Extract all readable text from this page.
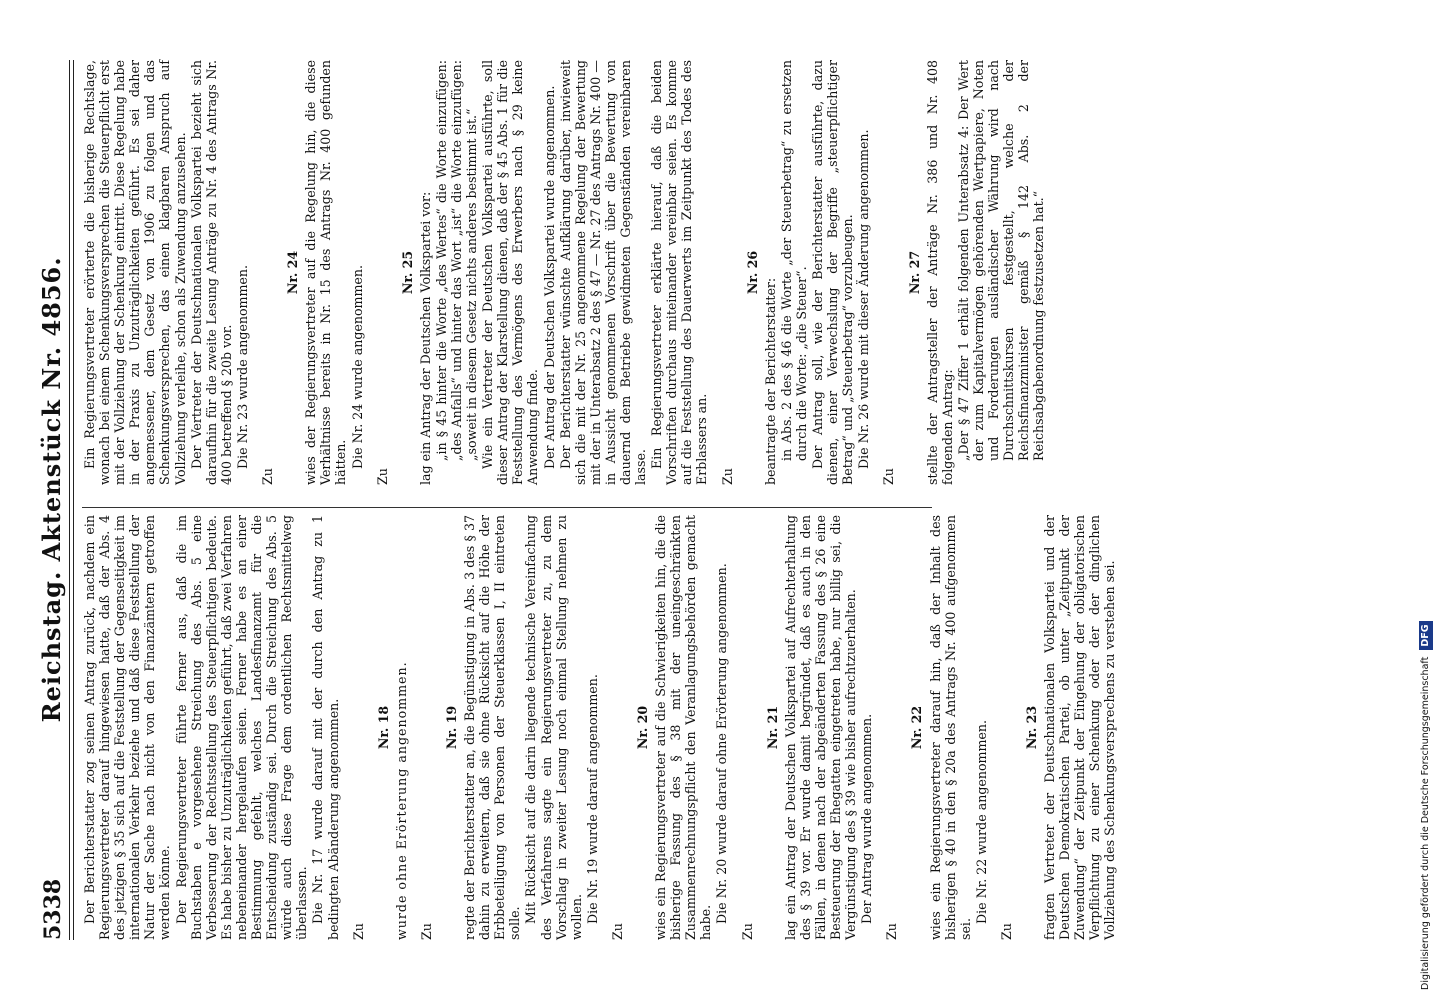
5338
Reichstag. Aktenstück Nr. 4856. Der Berichterstatter zog seinen Antrag zurück, nachdem ein Regierungsvertreter darauf hingewiesen hatte, daß der Abs. 4 des jetzigen § 35 sich auf die Feststellung der Gegenseitigkeit im internationalen Verkehr beziehe und daß diese Feststellung der Natur der Sache nach nicht von den Finanzämtern getroffen werden könne. Der Regierungsvertreter führte ferner aus, daß die im Buchstaben e vorgesehene Streichung des Abs. 5 eine Verbesserung der Rechtsstellung des Steuerpflichtigen bedeute. Es habe bisher zu Unzuträglichkeiten geführt, daß zwei Verfahren nebeneinander hergelaufen seien. Ferner habe es an einer Bestimmung gefehlt, welches Landesfinanzamt für die Entscheidung zuständig sei. Durch die Streichung des Abs. 5 würde auch diese Frage dem ordentlichen Rechtsmittelweg überlassen. Die Nr. 17 wurde darauf mit der durch den Antrag zu 1 bedingten Abänderung angenommen. Zu

Nr. 18 wurde ohne Erörterung angenommen. Zu

Nr. 19 regte der Berichterstatter an, die Begünstigung in Abs. 3 des § 37 dahin zu erweitern, daß sie ohne Rücksicht auf die Höhe der Erbbeteiligung von Personen der Steuerklassen I, II eintreten solle. Mit Rücksicht auf die darin liegende technische Vereinfachung des Verfahrens sagte ein Regierungsvertreter zu, zu dem Vorschlag in zweiter Lesung noch einmal Stellung nehmen zu wollen. Die Nr. 19 wurde darauf angenommen.

Zu

Nr. 20 wies ein Regierungsvertreter auf die Schwierigkeiten hin, die die bisherige Fassung des § 38 mit der uneingeschränkten Zusammenrechnungspflicht den Veranlagungsbehörden gemacht habe. Die Nr. 20 wurde darauf ohne Erörterung angenommen.

Zu

Nr. 21 lag ein Antrag der Deutschen Volkspartei auf Aufrechterhaltung des § 39 vor. Er wurde damit begründet, daß es auch in den Fällen, in denen nach der abgeänderten Fassung des § 26 eine Besteuerung der Ehegatten eingetreten habe, nur billig sei, die Vergünstigung des § 39 wie bisher aufrechtzuerhalten. Der Antrag wurde angenommen.

Zu

Nr. 22 wies ein Regierungsvertreter darauf hin, daß der Inhalt des bisherigen § 40 in den § 20a des Antrags Nr. 400 aufgenommen sei.

Die Nr. 22 wurde angenommen.

Zu

Nr. 23 fragten Vertreter der Deutschnationalen Volkspartei und der Deutschen Demokratischen Partei, ob unter „Zeitpunkt der Zuwendung“ der Zeitpunkt der Eingehung der obligatorischen Verpflichtung zu einer Schenkung oder der der dinglichen Vollziehung des Schenkungsversprechens zu verstehen sei.

Ein Regierungsvertreter erörterte die bisherige Rechtslage, wonach bei einem Schenkungsversprechen die Steuerpflicht erst mit der Vollziehung der Schenkung eintritt. Diese Regelung habe in der Praxis zu Unzuträglichkeiten geführt. Es sei daher angemessener, dem Gesetz von 1906 zu folgen und das Schenkungsversprechen, das einen klagbaren Anspruch auf Vollziehung verleihe, schon als Zuwendung anzusehen. Der Vertreter der Deutschnationalen Volkspartei bezieht sich daraufhin für die zweite Lesung Anträge zu Nr. 4 des Antrags Nr. 400 betreffend § 20b vor. Die Nr. 23 wurde angenommen.

Zu

Nr. 24 wies der Regierungsvertreter auf die Regelung hin, die diese Verhältnisse bereits in Nr. 15 des Antrags Nr. 400 gefunden hätten. Die Nr. 24 wurde angenommen.

Zu

Nr. 25 lag ein Antrag der Deutschen Volkspartei vor: „in § 45 hinter die Worte „des Wertes“ die Worte einzufügen: „des Anfalls“ und hinter das Wort „ist“ die Worte einzufügen: „soweit in diesem Gesetz nichts anderes bestimmt ist.“ Wie ein Vertreter der Deutschen Volkspartei ausführte, soll dieser Antrag der Klarstellung dienen, daß der § 45 Abs. 1 für die Feststellung des Vermögens des Erwerbers nach § 29 keine Anwendung finde. Der Antrag der Deutschen Volkspartei wurde angenommen. Der Berichterstatter wünschte Aufklärung darüber, inwieweit sich die mit der Nr. 25 angenommene Regelung der Bewertung mit der in Unterabsatz 2 des § 47 — Nr. 27 des Antrags Nr. 400 — in Aussicht genommenen Vorschrift über die Bewertung von dauernd dem Betriebe gewidmeten Gegenständen vereinbaren lasse. Ein Regierungsvertreter erklärte hierauf, daß die beiden Vorschriften durchaus miteinander vereinbar seien. Es komme auf die Feststellung des Dauerwerts im Zeitpunkt des Todes des Erblassers an. Zu

Nr. 26

beantragte der Berichterstatter: in Abs. 2 des § 46 die Worte „der Steuerbetrag“ zu ersetzen durch die Worte: „die Steuer“. Der Antrag soll, wie der Berichterstatter ausführte, dazu dienen, einer Verwechslung der Begriffe „steuerpflichtiger Betrag“ und „Steuerbetrag“ vorzubeugen. Die Nr. 26 wurde mit dieser Änderung angenommen.

Zu

Nr. 27 stellte der Antragsteller der Anträge Nr. 386 und Nr. 408 folgenden Antrag: „Der § 47 Ziffer 1 erhält folgenden Unterabsatz 4: Der Wert der zum Kapitalvermögen gehörenden Wertpapiere, Noten und Forderungen ausländischer Währung wird nach Durchschnittskursen festgestellt, welche der Reichsfinanzminister gemäß § 142 Abs. 2 der Reichsabgabenordnung festzusetzen hat.“

Digitalisierung gefördert durch die Deutsche Forschungsgemeinschaft DFG
